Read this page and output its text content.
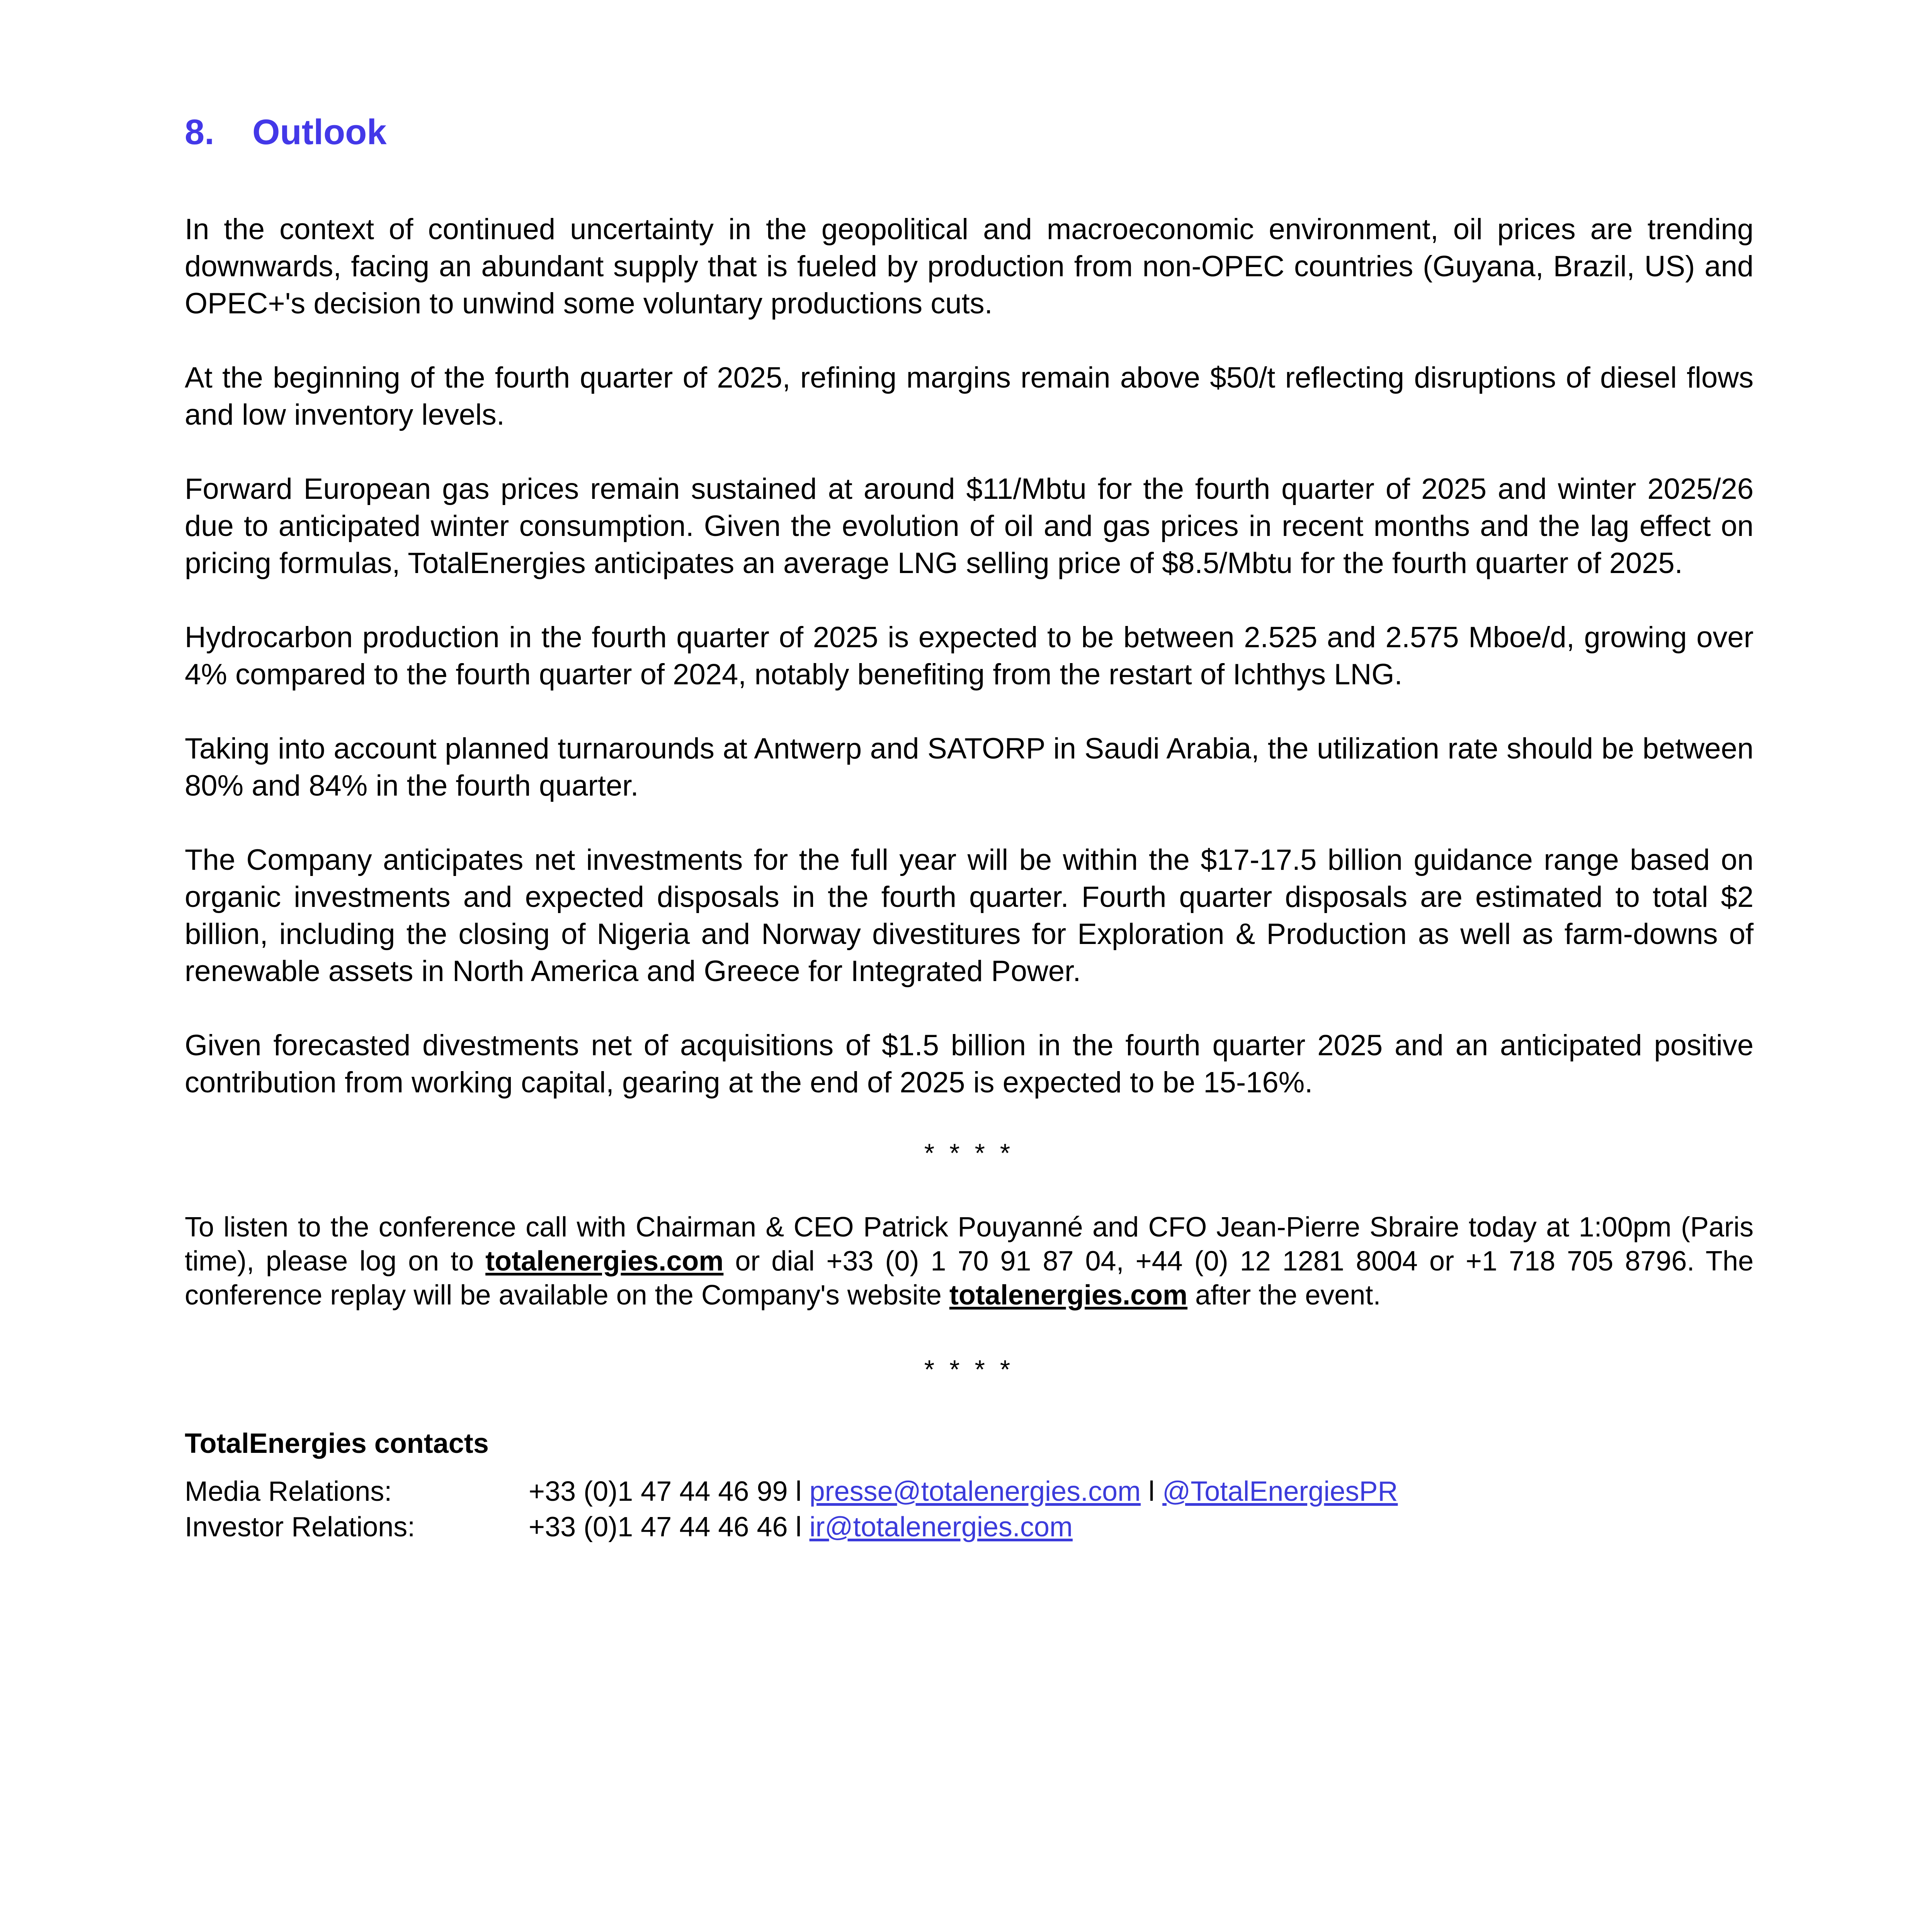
8.	Outlook

In the context of continued uncertainty in the geopolitical and macroeconomic environment, oil prices are trending downwards, facing an abundant supply that is fueled by production from non-OPEC countries (Guyana, Brazil, US) and OPEC+'s decision to unwind some voluntary productions cuts.

At the beginning of the fourth quarter of 2025, refining margins remain above $50/t reflecting disruptions of diesel flows and low inventory levels.

Forward European gas prices remain sustained at around $11/Mbtu for the fourth quarter of 2025 and winter 2025/26 due to anticipated winter consumption. Given the evolution of oil and gas prices in recent months and the lag effect on pricing formulas, TotalEnergies anticipates an average LNG selling price of $8.5/Mbtu for the fourth quarter of 2025.

Hydrocarbon production in the fourth quarter of 2025 is expected to be between 2.525 and 2.575 Mboe/d, growing over 4% compared to the fourth quarter of 2024, notably benefiting from the restart of Ichthys LNG.

Taking into account planned turnarounds at Antwerp and SATORP in Saudi Arabia, the utilization rate should be between 80% and 84% in the fourth quarter.

The Company anticipates net investments for the full year will be within the $17-17.5 billion guidance range based on organic investments and expected disposals in the fourth quarter. Fourth quarter disposals are estimated to total $2 billion, including the closing of Nigeria and Norway divestitures for Exploration & Production as well as farm-downs of renewable assets in North America and Greece for Integrated Power.

Given forecasted divestments net of acquisitions of $1.5 billion in the fourth quarter 2025 and an anticipated positive contribution from working capital, gearing at the end of 2025 is expected to be 15-16%.

* * * *

To listen to the conference call with Chairman & CEO Patrick Pouyanné and CFO Jean-Pierre Sbraire today at 1:00pm (Paris time), please log on to totalenergies.com or dial +33 (0) 1 70 91 87 04, +44 (0) 12 1281 8004 or +1 718 705 8796. The conference replay will be available on the Company's website totalenergies.com after the event.

* * * *
TotalEnergies contacts
Media Relations:	+33 (0)1 47 44 46 99 l presse@totalenergies.com l @TotalEnergiesPR
Investor Relations:	+33 (0)1 47 44 46 46 l ir@totalenergies.com
